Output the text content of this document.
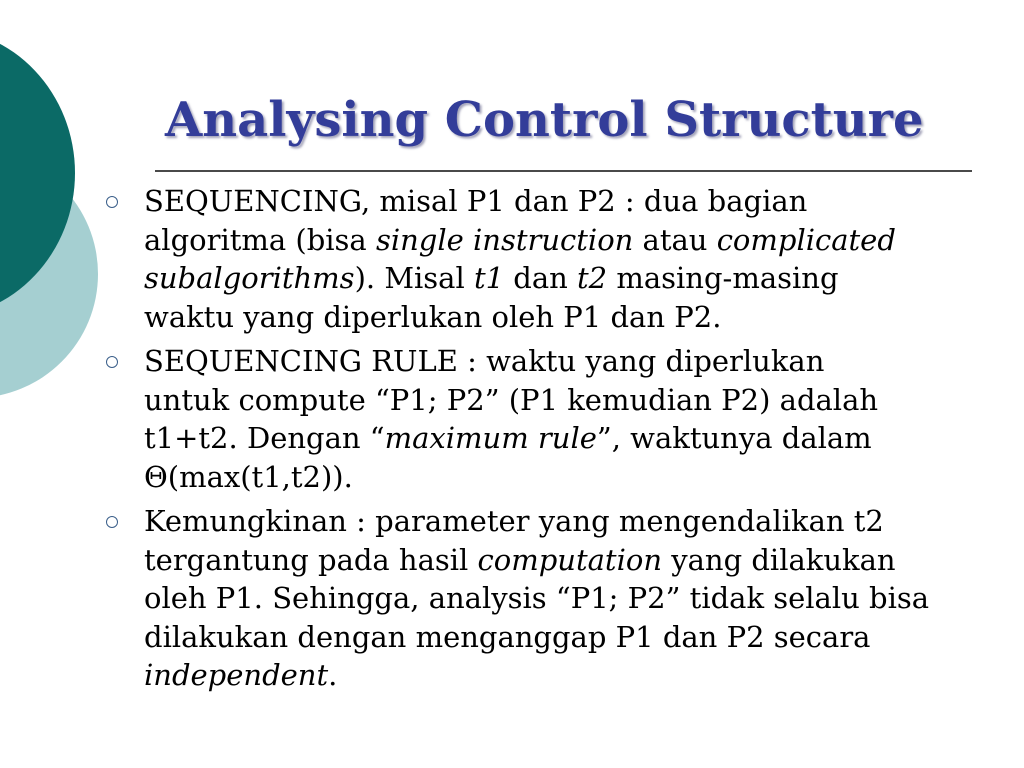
Analysing Control Structure

SEQUENCING, misal P1 dan P2 : dua bagian
algoritma (bisa single instruction atau complicated
subalgorithms). Misal t1 dan t2 masing-masing
waktu yang diperlukan oleh P1 dan P2.

SEQUENCING RULE : waktu yang diperlukan
untuk compute “P1; P2” (P1 kemudian P2) adalah
t1+t2. Dengan “maximum rule”, waktunya dalam
Θ(max(t1,t2)).

Kemungkinan : parameter yang mengendalikan t2
tergantung pada hasil computation yang dilakukan
oleh P1. Sehingga, analysis “P1; P2” tidak selalu bisa
dilakukan dengan menganggap P1 dan P2 secara
independent.
